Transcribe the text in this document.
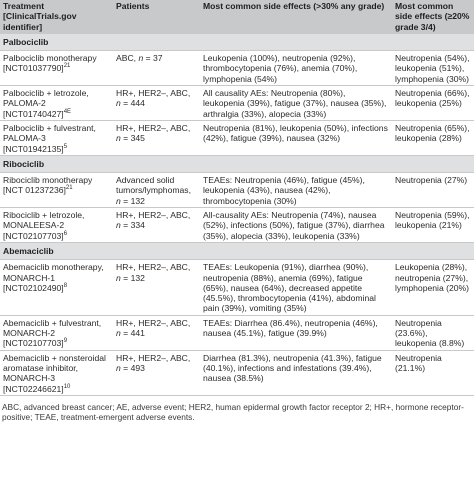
Treatment [ClinicalTrials.gov identifier]	Patients	Most common side effects (>30% any grade)	Most common side effects (≥20% grade 3/4)
Palbociclib			
Palbociclib monotherapy $[NCT01037790]^{21}$	ABC, n = 37	Leukopenia (100%), neutropenia (92%), thrombocytopenia (76%), anemia (70%), lymphopenia (54%)	Neutropenia (54%), leukopenia (51%), lymphopenia (30%)
Palbociclib + letrozole, PALOMA-2 $[NCT01740427]^{4E}$	HR+, HER2–, ABC, n = 444	All causality AEs: Neutropenia (80%), leukopenia (39%), fatigue (37%), nausea (35%), arthralgia (33%), alopecia (33%)	Neutropenia (66%), leukopenia (25%)
Palbociclib + fulvestrant, PALOMA-3 $[NCT01942135]^5$	HR+, HER2–, ABC, n = 345	Neutropenia (81%), leukopenia (50%), infections (42%), fatigue (39%), nausea (32%)	Neutropenia (65%), leukopenia (28%)
Ribociclib			
Ribociclib monotherapy [NCT 01237236]$^{21}$	Advanced solid tumors/lymphomas, n = 132	TEAEs: Neutropenia (46%), fatigue (45%), leukopenia (43%), nausea (42%), thrombocytopenia (30%)	Neutropenia (27%)
Ribociclib + letrozole, MONALEESA-2 $[NCT02107703]^6$	HR+, HER2–, ABC, n = 334	All-causality AEs: Neutropenia (74%), nausea (52%), infections (50%), fatigue (37%), diarrhea (35%), alopecia (33%), leukopenia (33%)	Neutropenia (59%), leukopenia (21%)
Abemaciclib			
Abemaciclib monotherapy, MONARCH-1 $[NCT02102490]^8$	HR+, HER2–, ABC, n = 132	TEAEs: Leukopenia (91%), diarrhea (90%), neutropenia (88%), anemia (69%), fatigue (65%), nausea (64%), decreased appetite (45.5%), thrombocytopenia (41%), abdominal pain (39%), vomiting (35%)	Leukopenia (28%), neutropenia (27%), lymphopenia (20%)
Abemaciclib + fulvestrant, MONARCH-2 $[NCT02107703]^9$	HR+, HER2–, ABC, n = 441	TEAEs: Diarrhea (86.4%), neutropenia (46%), nausea (45.1%), fatigue (39.9%)	Neutropenia (23.6%), leukopenia (8.8%)
Abemaciclib + nonsteroidal aromatase inhibitor, MONARCH-3 $[NCT02246621]^{10}$	HR+, HER2–, ABC, n = 493	Diarrhea (81.3%), neutropenia (41.3%), fatigue (40.1%), infections and infestations (39.4%), nausea (38.5%)	Neutropenia (21.1%)
ABC, advanced breast cancer; AE, adverse event; HER2, human epidermal growth factor receptor 2; HR+, hormone receptor-positive; TEAE, treatment-emergent adverse events.
